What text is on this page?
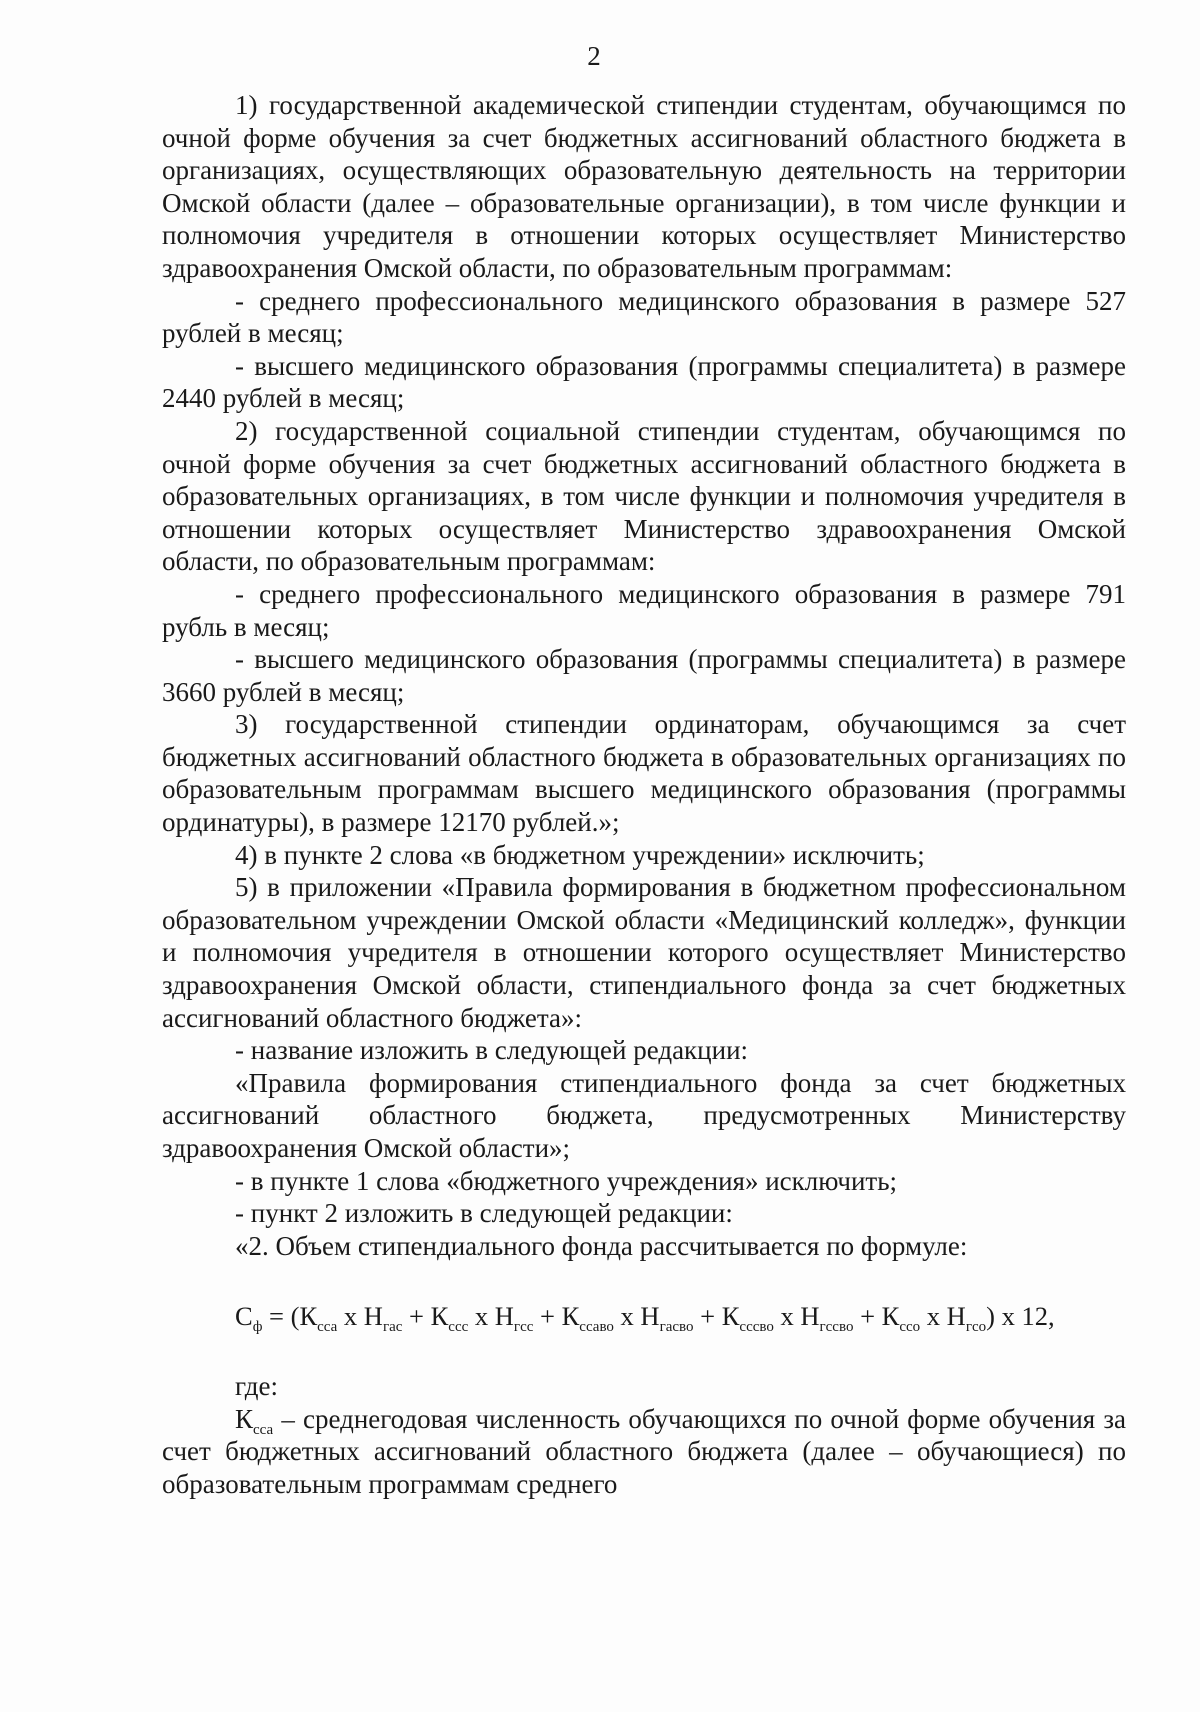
2

1) государственной академической стипендии студентам, обучающимся по очной форме обучения за счет бюджетных ассигнований областного бюджета в организациях, осуществляющих образовательную деятельность на территории Омской области (далее – образовательные организации), в том числе функции и полномочия учредителя в отношении которых осуществляет Министерство здравоохранения Омской области, по образовательным программам:

- среднего профессионального медицинского образования в размере 527 рублей в месяц;

- высшего медицинского образования (программы специалитета) в размере 2440 рублей в месяц;

2) государственной социальной стипендии студентам, обучающимся по очной форме обучения за счет бюджетных ассигнований областного бюджета в образовательных организациях, в том числе функции и полномочия учредителя в отношении которых осуществляет Министерство здравоохранения Омской области, по образовательным программам:

- среднего профессионального медицинского образования в размере 791 рубль в месяц;

- высшего медицинского образования (программы специалитета) в размере 3660 рублей в месяц;

3) государственной стипендии ординаторам, обучающимся за счет бюджетных ассигнований областного бюджета в образовательных организациях по образовательным программам высшего медицинского образования (программы ординатуры), в размере 12170 рублей.»;

4) в пункте 2 слова «в бюджетном учреждении» исключить;

5) в приложении «Правила формирования в бюджетном профессиональном образовательном учреждении Омской области «Медицинский колледж», функции и полномочия учредителя в отношении которого осуществляет Министерство здравоохранения Омской области, стипендиального фонда за счет бюджетных ассигнований областного бюджета»:

- название изложить в следующей редакции:

«Правила формирования стипендиального фонда за счет бюджетных ассигнований областного бюджета, предусмотренных Министерству здравоохранения Омской области»;

- в пункте 1 слова «бюджетного учреждения» исключить;

- пункт 2 изложить в следующей редакции:

«2. Объем стипендиального фонда рассчитывается по формуле:

$С_ф = (К_{сса}$ х $Н_{гас} + К_{ссс}$ х $Н_{гсс} + К_{ссаво}$ х $Н_{гасво} + К_{сссво}$ х $Н_{гссво} + К_{ссо}$ х $Н_{гсо}$) х 12,

где:

$К_{сса}$ – среднегодовая численность обучающихся по очной форме обучения за счет бюджетных ассигнований областного бюджета (далее – обучающиеся) по образовательным программам среднего
